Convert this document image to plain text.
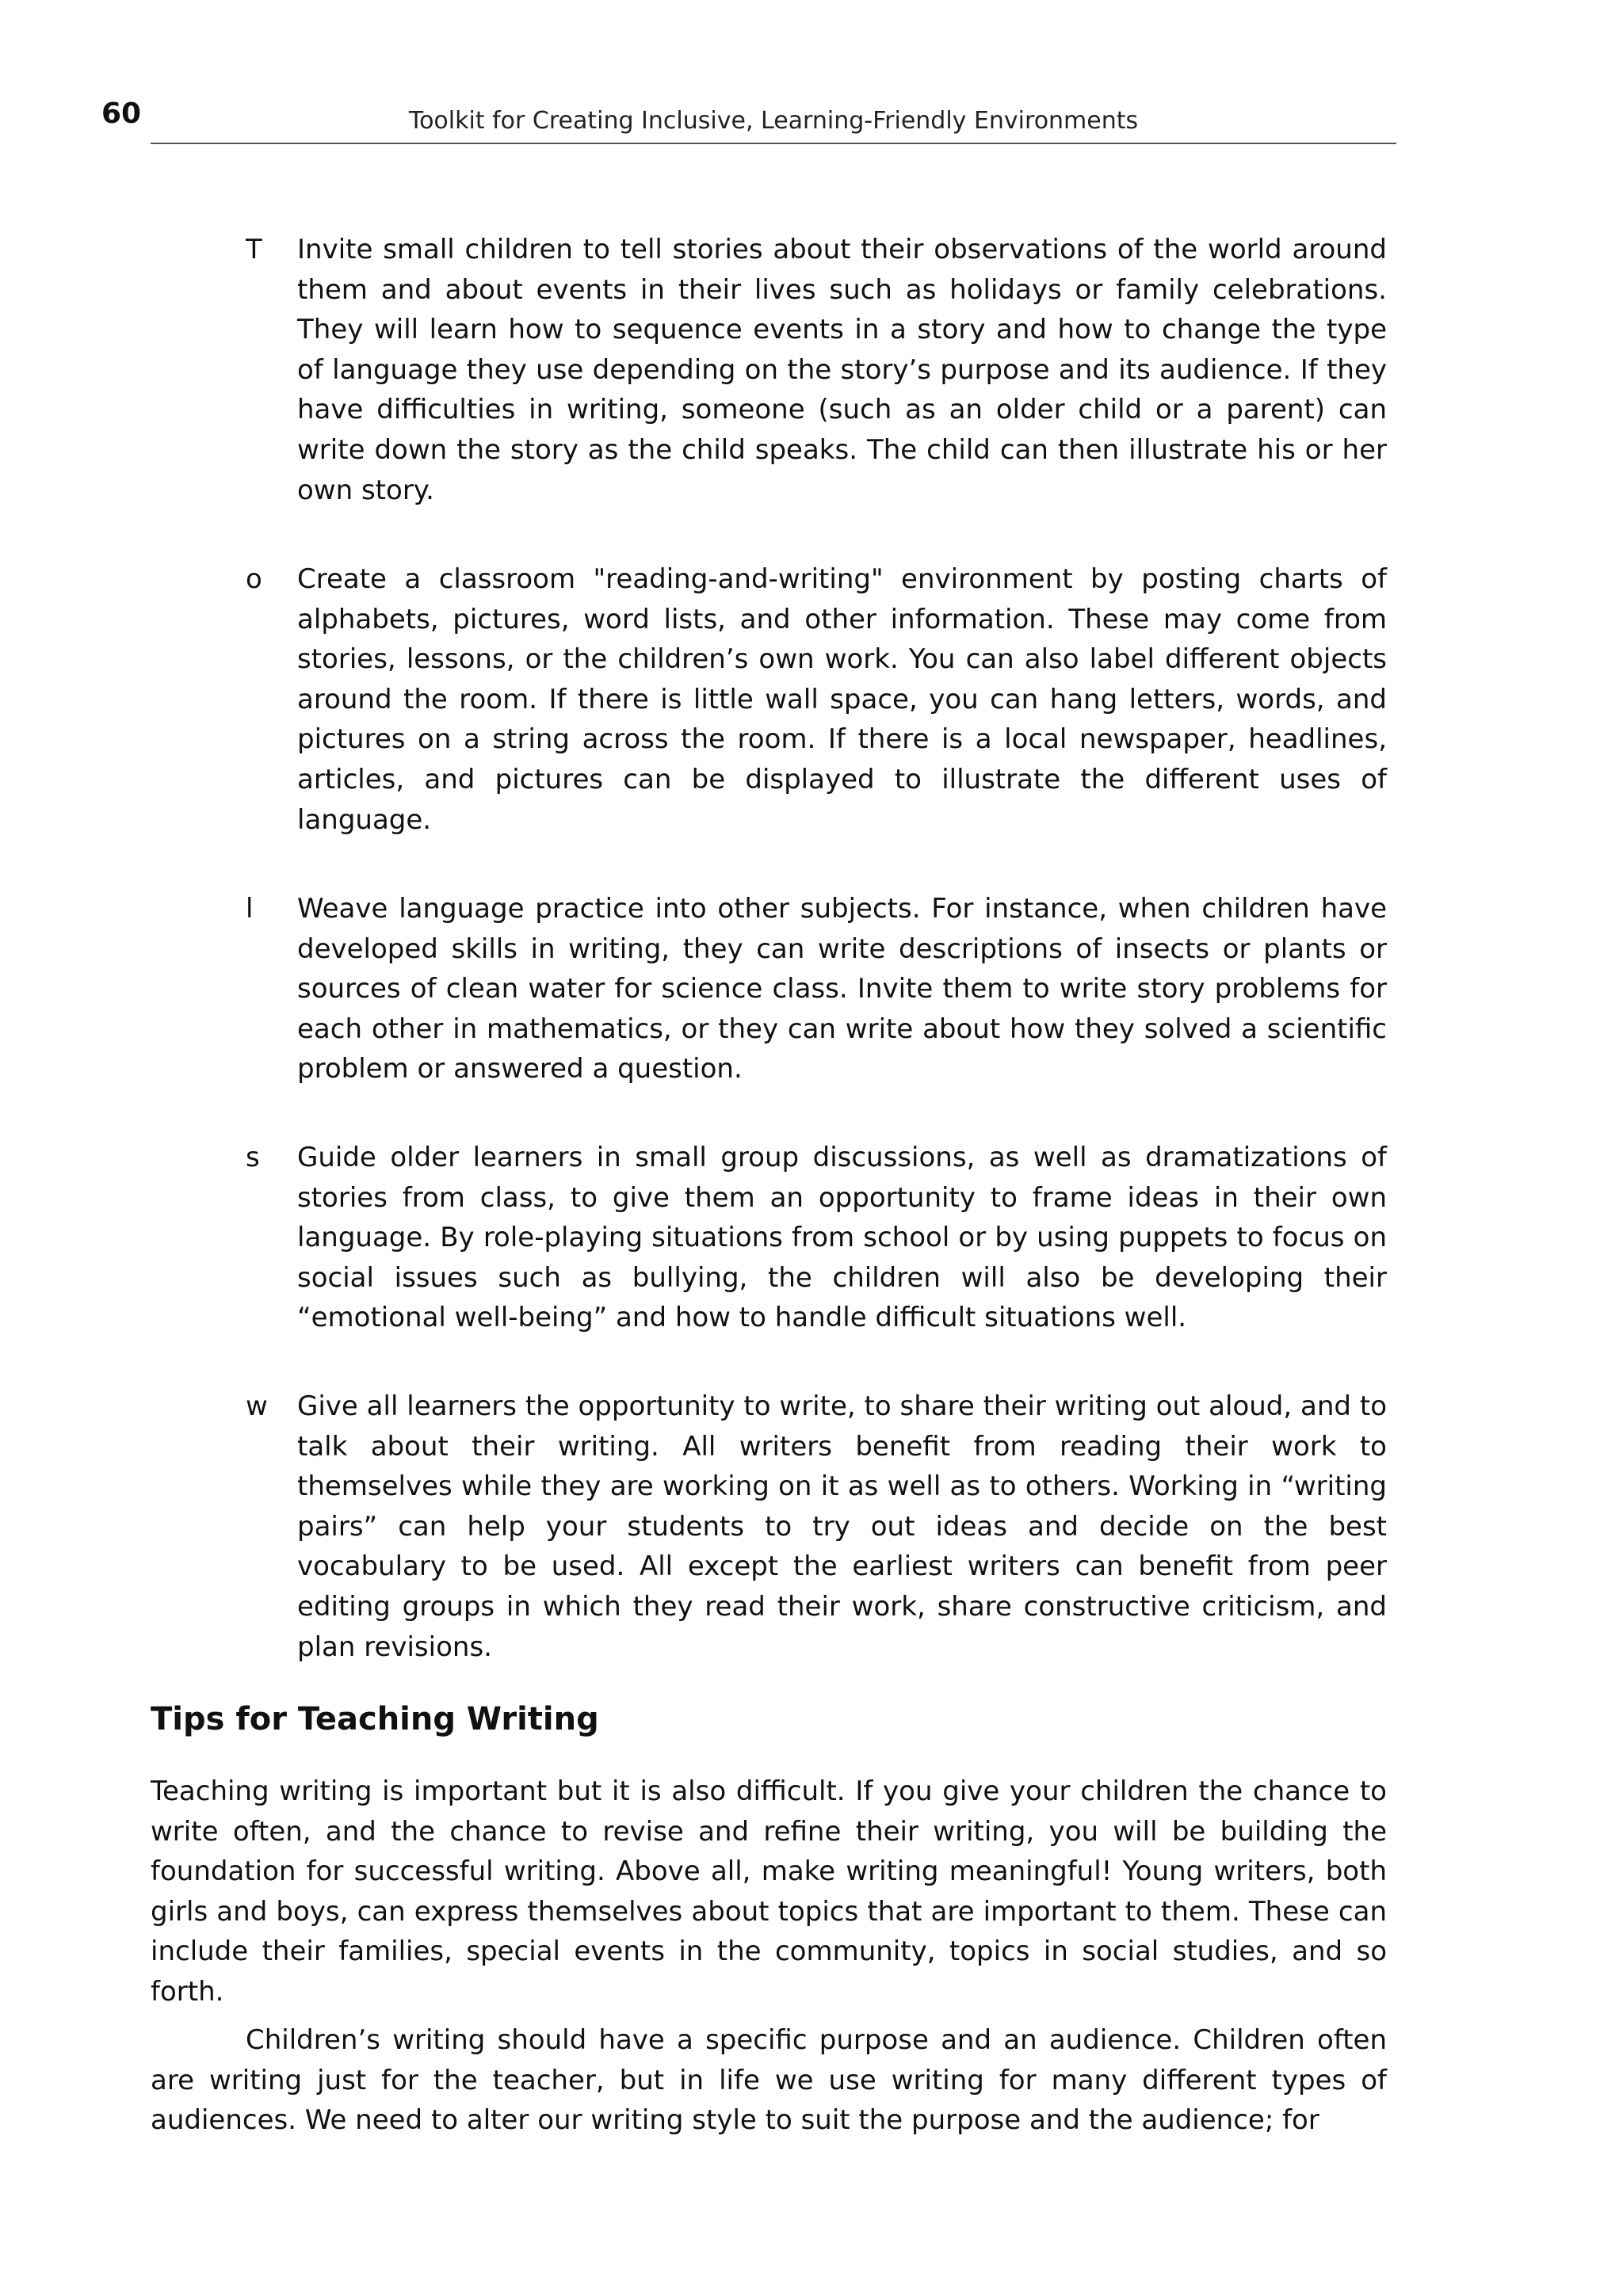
60	Toolkit for Creating Inclusive, Learning-Friendly Environments
T	Invite small children to tell stories about their observations of the world around them and about events in their lives such as holidays or family celebrations. They will learn how to sequence events in a story and how to change the type of language they use depending on the story’s purpose and its audience. If they have difficulties in writing, someone (such as an older child or a parent) can write down the story as the child speaks. The child can then illustrate his or her own story.
o	Create a classroom "reading-and-writing" environment by posting charts of alphabets, pictures, word lists, and other information. These may come from stories, lessons, or the children’s own work. You can also label different objects around the room. If there is little wall space, you can hang letters, words, and pictures on a string across the room. If there is a local newspaper, headlines, articles, and pictures can be displayed to illustrate the different uses of language.
l	Weave language practice into other subjects. For instance, when children have developed skills in writing, they can write descriptions of insects or plants or sources of clean water for science class. Invite them to write story problems for each other in mathematics, or they can write about how they solved a scientific problem or answered a question.
s	Guide older learners in small group discussions, as well as dramatizations of stories from class, to give them an opportunity to frame ideas in their own language. By role-playing situations from school or by using puppets to focus on social issues such as bullying, the children will also be developing their “emotional well-being” and how to handle difficult situations well.
w	Give all learners the opportunity to write, to share their writing out aloud, and to talk about their writing. All writers benefit from reading their work to themselves while they are working on it as well as to others. Working in “writing pairs” can help your students to try out ideas and decide on the best vocabulary to be used. All except the earliest writers can benefit from peer editing groups in which they read their work, share constructive criticism, and plan revisions.
Tips for Teaching Writing
Teaching writing is important but it is also difficult. If you give your children the chance to write often, and the chance to revise and refine their writing, you will be building the foundation for successful writing. Above all, make writing meaningful! Young writers, both girls and boys, can express themselves about topics that are important to them. These can include their families, special events in the community, topics in social studies, and so forth.
Children’s writing should have a specific purpose and an audience. Children often are writing just for the teacher, but in life we use writing for many different types of audiences. We need to alter our writing style to suit the purpose and the audience; for
